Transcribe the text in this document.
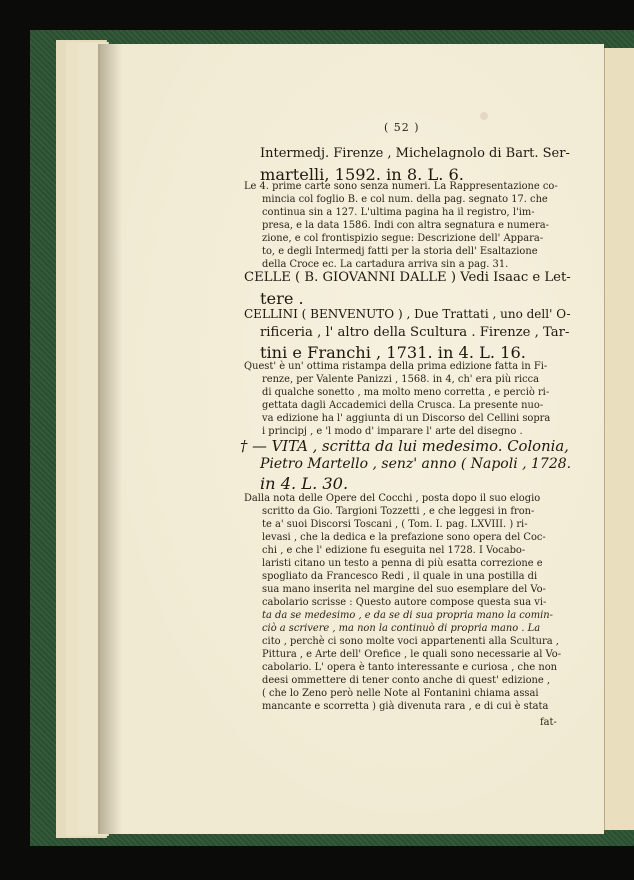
( 52 )
Intermedj. Firenze , Michelagnolo di Bart. Ser-
martelli, 1592. in 8. L. 6.
Le 4. prime carte sono senza numeri. La Rappresentazione co-
mincia col foglio B. e col num. della pag. segnato 17. che
continua sin a 127. L'ultima pagina ha il registro, l'im-
presa, e la data 1586. Indi con altra segnatura e numera-
zione, e col frontispizio segue: Descrizione dell' Appara-
to, e degli Intermedj fatti per la storia dell' Esaltazione
della Croce ec. La cartadura arriva sin a pag. 31.
CELLE ( B. GIOVANNI DALLE ) Vedi Isaac e Let-
tere .
CELLINI ( BENVENUTO ) , Due Trattati , uno dell' O-
rificeria , l' altro della Scultura . Firenze , Tar-
tini e Franchi , 1731. in 4. L. 16.
Quest' è un' ottima ristampa della prima edizione fatta in Fi-
renze, per Valente Panizzi , 1568. in 4, ch' era più ricca
di qualche sonetto , ma molto meno corretta , e perciò ri-
gettata dagli Accademici della Crusca. La presente nuo-
va edizione ha l' aggiunta di un Discorso del Cellini sopra
i principj , e 'l modo d' imparare l' arte del disegno .
† — VITA , scritta da lui medesimo. Colonia,
Pietro Martello , senz' anno ( Napoli , 1728.
in 4. L. 30.
Dalla nota delle Opere del Cocchi , posta dopo il suo elogio
scritto da Gio. Targioni Tozzetti , e che leggesi in fron-
te a' suoi Discorsi Toscani , ( Tom. I. pag. LXVIII. ) ri-
levasi , che la dedica e la prefazione sono opera del Coc-
chi , e che l' edizione fu eseguita nel 1728. I Vocabo-
laristi citano un testo a penna di più esatta correzione e
spogliato da Francesco Redi , il quale in una postilla di
sua mano inserita nel margine del suo esemplare del Vo-
cabolario scrisse : Questo autore compose questa sua vi-
ta da se medesimo , e da se di sua propria mano la comin-
ciò a scrivere , ma non la continuò di propria mano . La
cito , perchè ci sono molte voci appartenenti alla Scultura ,
Pittura , e Arte dell' Orefice , le quali sono necessarie al Vo-
cabolario. L' opera è tanto interessante e curiosa , che non
deesi ommettere di tener conto anche di quest' edizione ,
( che lo Zeno però nelle Note al Fontanini chiama assai
mancante e scorretta ) già divenuta rara , e di cui è stata
fat-
